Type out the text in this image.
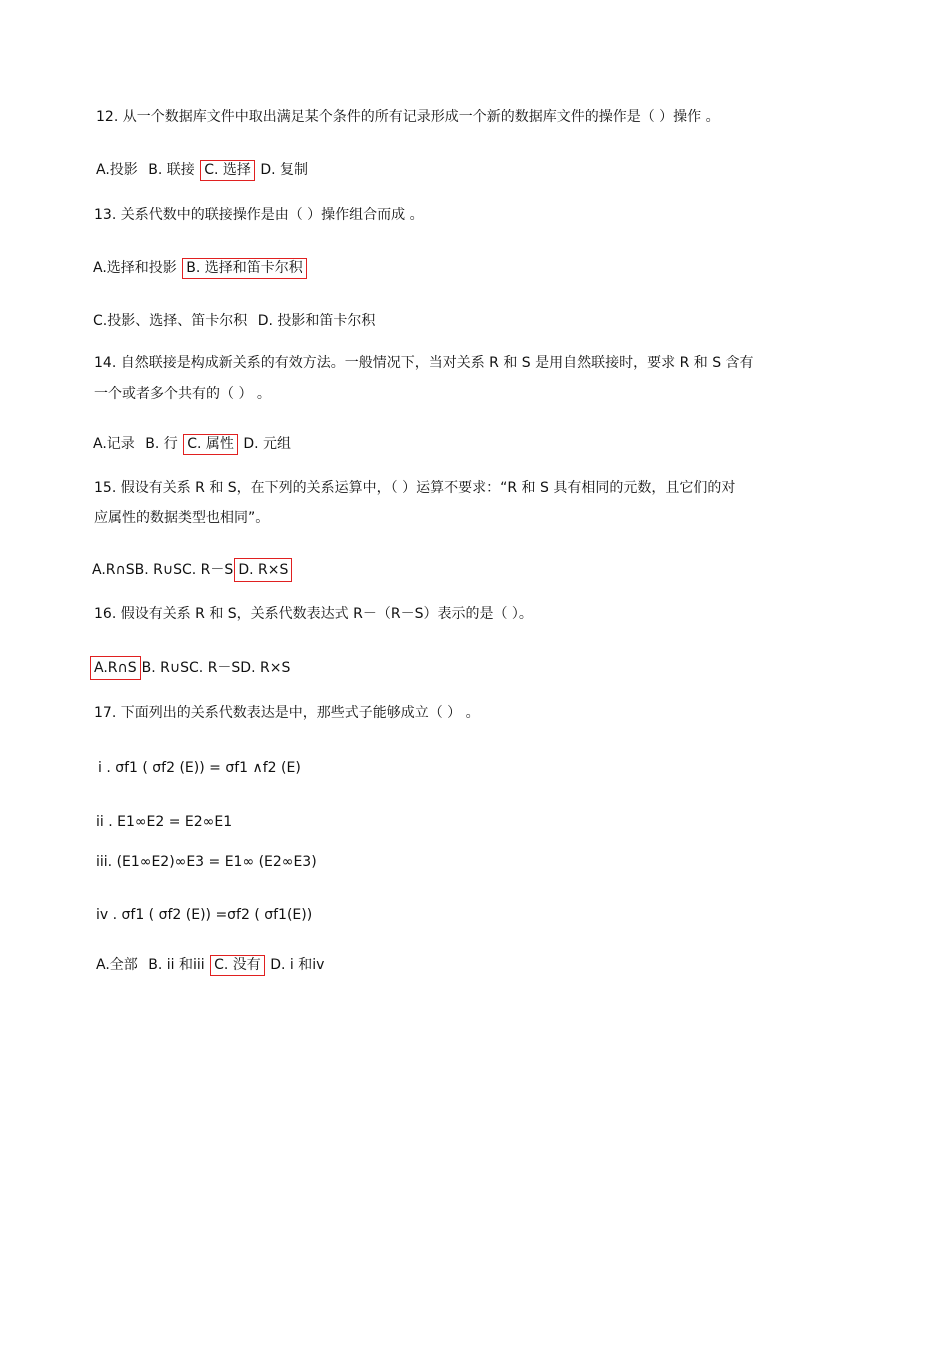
12. 从一个数据库文件中取出满足某个条件的所有记录形成一个新的数据库文件的操作是（ ）操作 。
A.投影 B. 联接 C. 选择 D. 复制
13. 关系代数中的联接操作是由（ ）操作组合而成 。
A.选择和投影 B. 选择和笛卡尔积
C.投影、选择、笛卡尔积 D. 投影和笛卡尔积
14. 自然联接是构成新关系的有效方法。一般情况下，当对关系 R 和 S 是用自然联接时，要求 R 和 S 含有
一个或者多个共有的（ ） 。
A.记录 B. 行 C. 属性 D. 元组
15. 假设有关系 R 和 S，在下列的关系运算中，（ ）运算不要求：“R 和 S 具有相同的元数，且它们的对
应属性的数据类型也相同”。
A.R∩SB. R∪SC. R－S D. R×S
16. 假设有关系 R 和 S，关系代数表达式 R－（R－S）表示的是（ ）。
A.R∩S B. R∪SC. R－SD. R×S
17. 下面列出的关系代数表达是中，那些式子能够成立（ ） 。
i . σf1 ( σf2 (E)) = σf1 ∧f2 (E)
ii . E1∞E2 = E2∞E1
iii. (E1∞E2)∞E3 = E1∞ (E2∞E3)
iv . σf1 ( σf2 (E)) =σf2 ( σf1(E))
A.全部 B. ii 和iii C. 没有 D. i 和iv
